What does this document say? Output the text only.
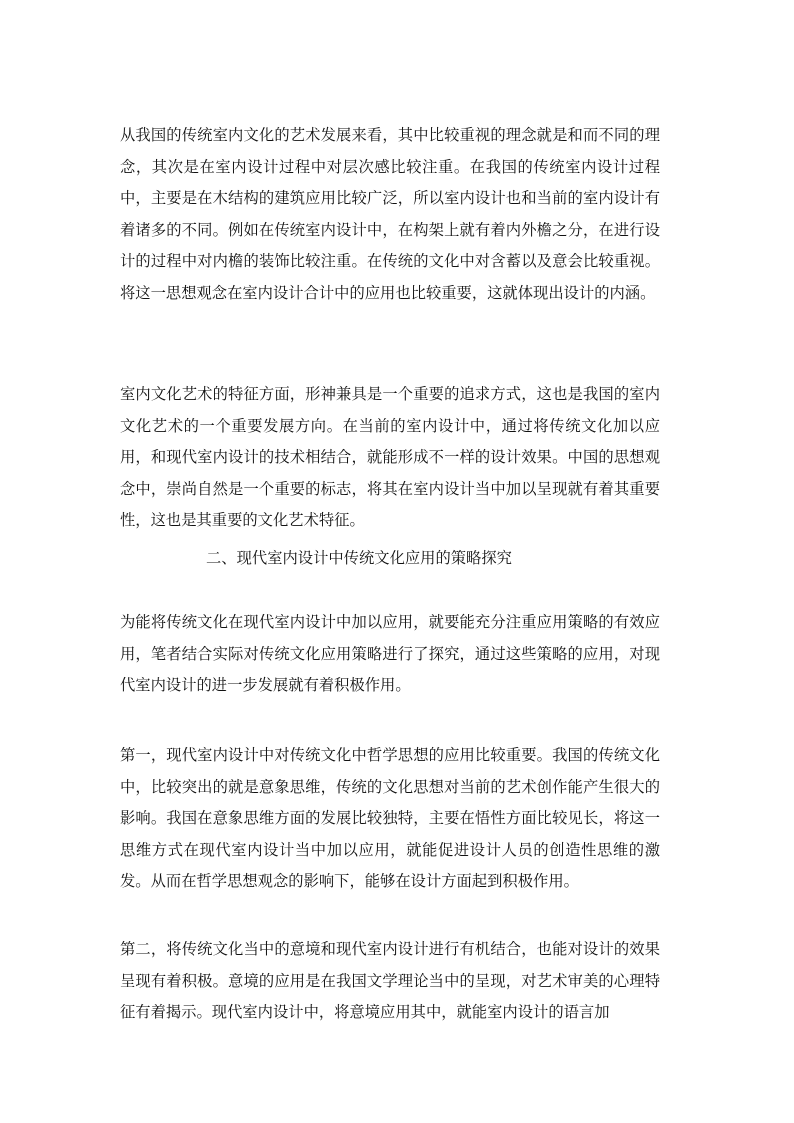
从我国的传统室内文化的艺术发展来看，其中比较重视的理念就是和而不同的理念，其次是在室内设计过程中对层次感比较注重。在我国的传统室内设计过程中，主要是在木结构的建筑应用比较广泛，所以室内设计也和当前的室内设计有着诸多的不同。例如在传统室内设计中，在构架上就有着内外檐之分，在进行设计的过程中对内檐的装饰比较注重。在传统的文化中对含蓄以及意会比较重视。将这一思想观念在室内设计合计中的应用也比较重要，这就体现出设计的内涵。

室内文化艺术的特征方面，形神兼具是一个重要的追求方式，这也是我国的室内文化艺术的一个重要发展方向。在当前的室内设计中，通过将传统文化加以应用，和现代室内设计的技术相结合，就能形成不一样的设计效果。中国的思想观念中，崇尚自然是一个重要的标志，将其在室内设计当中加以呈现就有着其重要性，这也是其重要的文化艺术特征。

二、现代室内设计中传统文化应用的策略探究

为能将传统文化在现代室内设计中加以应用，就要能充分注重应用策略的有效应用，笔者结合实际对传统文化应用策略进行了探究，通过这些策略的应用，对现代室内设计的进一步发展就有着积极作用。

第一，现代室内设计中对传统文化中哲学思想的应用比较重要。我国的传统文化中，比较突出的就是意象思维，传统的文化思想对当前的艺术创作能产生很大的影响。我国在意象思维方面的发展比较独特，主要在悟性方面比较见长，将这一思维方式在现代室内设计当中加以应用，就能促进设计人员的创造性思维的激发。从而在哲学思想观念的影响下，能够在设计方面起到积极作用。

第二，将传统文化当中的意境和现代室内设计进行有机结合，也能对设计的效果呈现有着积极。意境的应用是在我国文学理论当中的呈现，对艺术审美的心理特征有着揭示。现代室内设计中，将意境应用其中，就能室内设计的语言加
